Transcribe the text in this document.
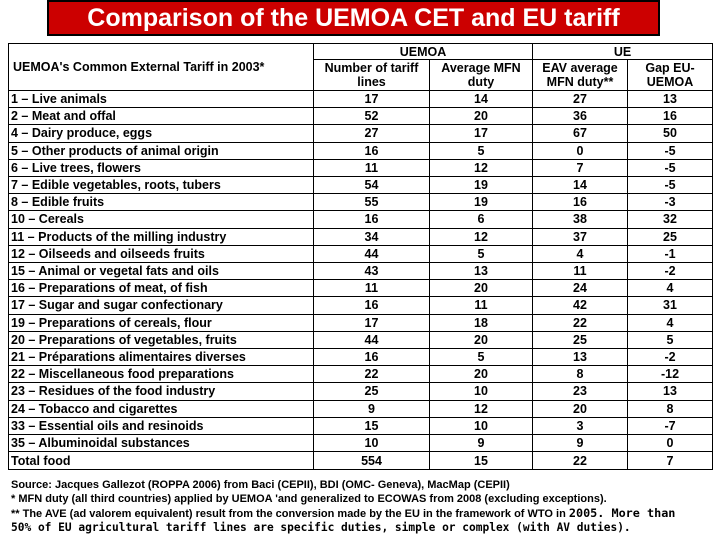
Comparison of the UEMOA CET and EU tariff
UEMOA's Common External Tariff in 2003*	UEMOA		UE	
	Number of tariff lines	Average MFN duty	EAV average MFN duty**	Gap EU-UEMOA
1 – Live animals	17	14	27	13
2 – Meat and offal	52	20	36	16
4 – Dairy produce, eggs	27	17	67	50
5 – Other products of animal origin	16	5	0	-5
6 – Live trees, flowers	11	12	7	-5
7 – Edible vegetables, roots, tubers	54	19	14	-5
8 – Edible fruits	55	19	16	-3
10 – Cereals	16	6	38	32
11 – Products of the milling industry	34	12	37	25
12 – Oilseeds and oilseeds fruits	44	5	4	-1
15 – Animal or vegetal fats and oils	43	13	11	-2
16 – Preparations of meat, of fish	11	20	24	4
17 – Sugar and sugar confectionary	16	11	42	31
19 – Preparations of cereals, flour	17	18	22	4
20 – Preparations of vegetables, fruits	44	20	25	5
21 – Préparations alimentaires diverses	16	5	13	-2
22 – Miscellaneous food preparations	22	20	8	-12
23 – Residues of the food industry	25	10	23	13
24 – Tobacco and cigarettes	9	12	20	8
33 – Essential oils and resinoids	15	10	3	-7
35 – Albuminoidal substances	10	9	9	0
Total food	554	15	22	7
Source: Jacques Gallezot (ROPPA 2006) from Baci (CEPII), BDI (OMC- Geneva), MacMap (CEPII)
* MFN duty (all third countries) applied by UEMOA 'and generalized to ECOWAS from 2008 (excluding exceptions).
** The AVE (ad valorem equivalent) result from the conversion made by the EU in the framework of WTO in 2005. More than
50% of EU agricultural tariff lines are specific duties, simple or complex (with AV duties).
